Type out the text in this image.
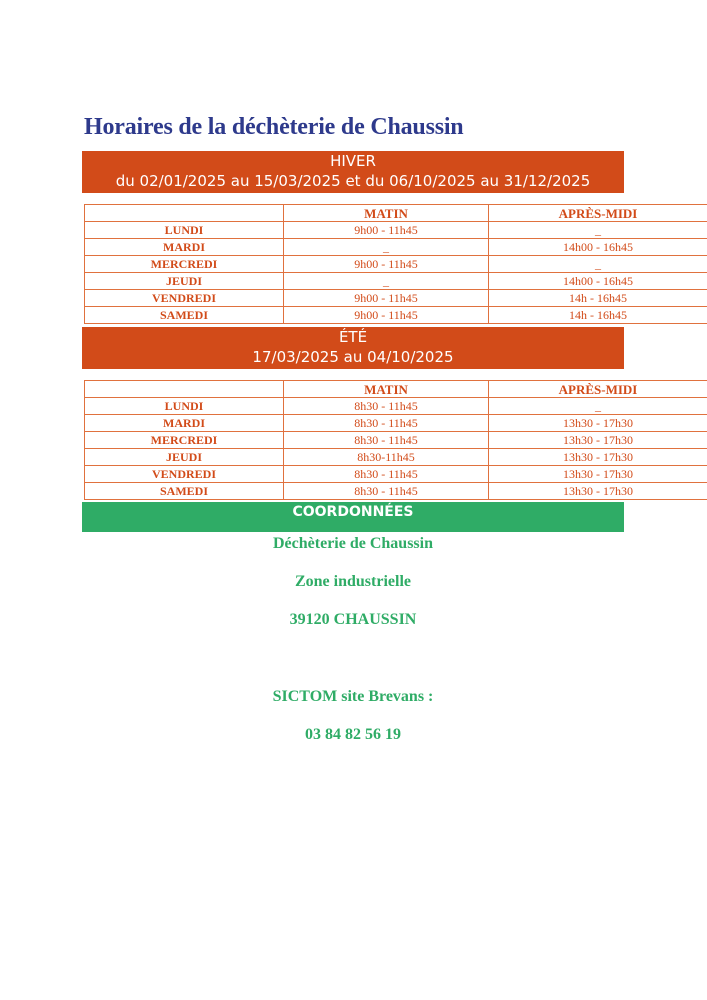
Horaires de la déchèterie de Chaussin
HIVER
du 02/01/2025 au 15/03/2025 et du 06/10/2025 au 31/12/2025
	MATIN	APRÈS-MIDI
LUNDI	9h00 - 11h45	_
MARDI	_	14h00 - 16h45
MERCREDI	9h00 - 11h45	_
JEUDI	_	14h00 - 16h45
VENDREDI	9h00 - 11h45	14h - 16h45
SAMEDI	9h00 - 11h45	14h - 16h45
ÉTÉ
17/03/2025 au 04/10/2025
	MATIN	APRÈS-MIDI
LUNDI	8h30 - 11h45	_
MARDI	8h30 - 11h45	13h30 - 17h30
MERCREDI	8h30 - 11h45	13h30 - 17h30
JEUDI	8h30-11h45	13h30 - 17h30
VENDREDI	8h30 - 11h45	13h30 - 17h30
SAMEDI	8h30 - 11h45	13h30 - 17h30
COORDONNÉES
Déchèterie de Chaussin
Zone industrielle
39120 CHAUSSIN
SICTOM site Brevans :
03 84 82 56 19
